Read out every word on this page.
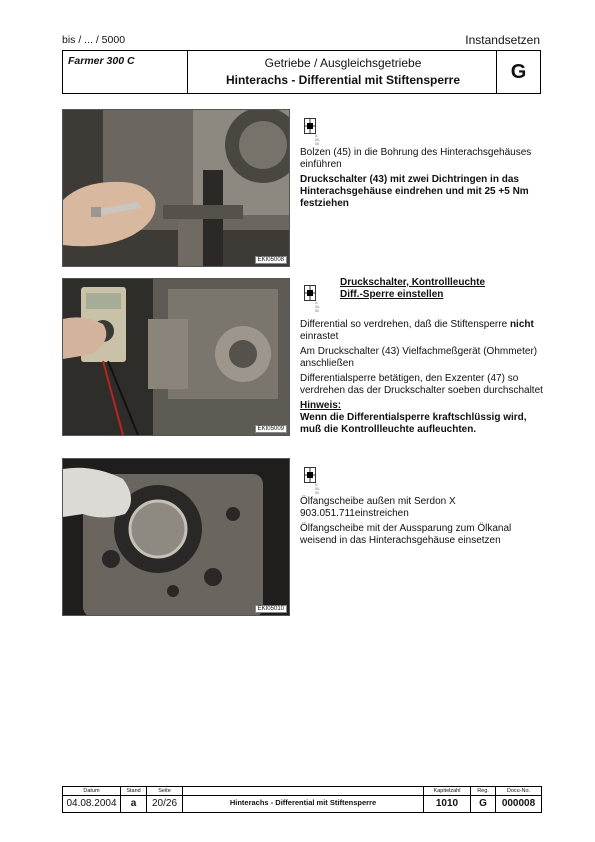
bis / ... / 5000	Instandsetzen
Farmer 300 C	Getriebe / Ausgleichsgetriebe
Hinterachs - Differential mit Stiftensperre	G
EKI05008
0-00-00

Bolzen (45) in die Bohrung des Hinterachsgehäuses einführen

Druckschalter (43) mit zwei Dichtringen in das Hinterachsgehäuse eindrehen und mit 25 +5 Nm festziehen

EKI05009
0-00-00
Druckschalter, Kontrollleuchte
Diff.-Sperre einstellen

Differential so verdrehen, daß die Stiftensperre nicht einrastet

Am Druckschalter (43) Vielfachmeßgerät (Ohmmeter) anschließen

Differentialsperre betätigen, den Exzenter (47) so verdrehen das der Druckschalter soeben durchschaltet

Hinweis:
Wenn die Differentialsperre kraftschlüssig wird, muß die Kontrollleuchte aufleuchten.
EKI05010
0-00-00

Ölfangscheibe außen mit Serdon X 903.051.711einstreichen

Ölfangscheibe mit der Aussparung zum Ölkanal weisend in das Hinterachsgehäuse einsetzen

Datum
04.08.2004
Stand
a
Seite
20/26	Hinterachs - Differential mit Stiftensperre
Kapitelzahl
1010
Reg.
G
Docu-No.
000008
